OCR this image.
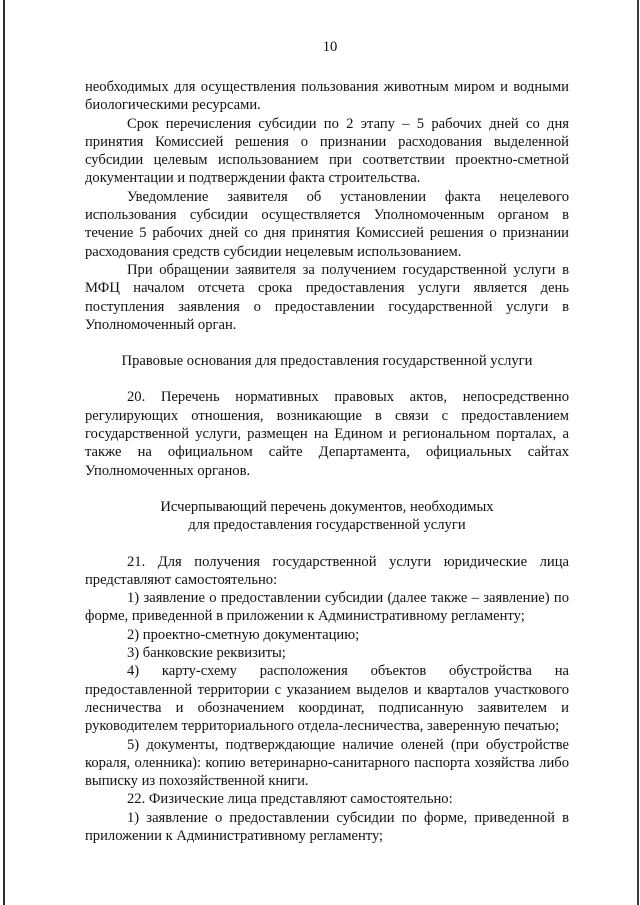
10

необходимых для осуществления пользования животным миром и водными биологическими ресурсами.

Срок перечисления субсидии по 2 этапу – 5 рабочих дней со дня принятия Комиссией решения о признании расходования выделенной субсидии целевым использованием при соответствии проектно-сметной документации и подтверждении факта строительства.

Уведомление заявителя об установлении факта нецелевого использования субсидии осуществляется Уполномоченным органом в течение 5 рабочих дней со дня принятия Комиссией решения о признании расходования средств субсидии нецелевым использованием.

При обращении заявителя за получением государственной услуги в МФЦ началом отсчета срока предоставления услуги является день поступления заявления о предоставлении государственной услуги в Уполномоченный орган.

Правовые основания для предоставления государственной услуги

20. Перечень нормативных правовых актов, непосредственно регулирующих отношения, возникающие в связи с предоставлением государственной услуги, размещен на Едином и региональном порталах, а также на официальном сайте Департамента, официальных сайтах Уполномоченных органов.

Исчерпывающий перечень документов, необходимых
для предоставления государственной услуги

21. Для получения государственной услуги юридические лица представляют самостоятельно:

1) заявление о предоставлении субсидии (далее также – заявление) по форме, приведенной в приложении к Административному регламенту;

2) проектно-сметную документацию;

3) банковские реквизиты;

4) карту-схему расположения объектов обустройства на предоставленной территории с указанием выделов и кварталов участкового лесничества и обозначением координат, подписанную заявителем и руководителем территориального отдела-лесничества, заверенную печатью;

5) документы, подтверждающие наличие оленей (при обустройстве кораля, оленника): копию ветеринарно-санитарного паспорта хозяйства либо выписку из похозяйственной книги.

22. Физические лица представляют самостоятельно:

1) заявление о предоставлении субсидии по форме, приведенной в приложении к Административному регламенту;
